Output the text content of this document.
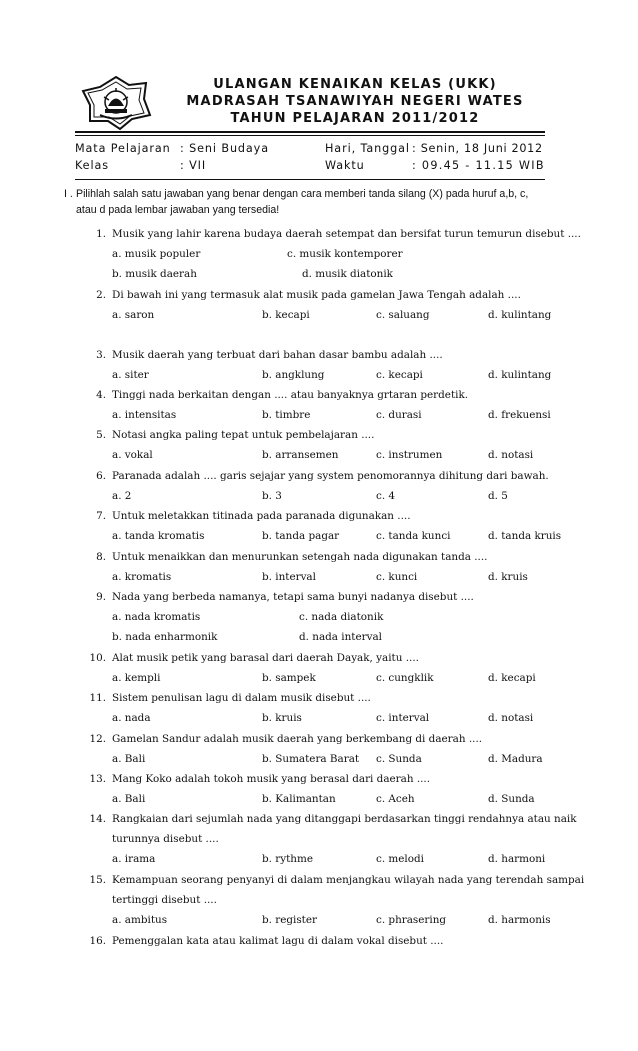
ULANGAN KENAIKAN KELAS (UKK)
MADRASAH TSANAWIYAH NEGERI WATES
TAHUN PELAJARAN 2011/2012
Mata Pelajaran : Seni Budaya
Kelas	: VII
Hari, Tanggal : Senin, 18 Juni 2012
Waktu	: 09.45 - 11.15 WIB
I . Pilihlah salah satu jawaban yang benar dengan cara memberi tanda silang (X) pada huruf a,b, c,
atau d pada lembar jawaban yang tersedia!
1. Musik yang lahir karena budaya daerah setempat dan bersifat turun temurun disebut ....
a. musik populer	c. musik kontemporer
b. musik daerah	d. musik diatonik
2. Di bawah ini yang termasuk alat musik pada gamelan Jawa Tengah adalah ....
a. saron	b. kecapi	c. saluang	d. kulintang
3. Musik daerah yang terbuat dari bahan dasar bambu adalah ....
a. siter	b. angklung	c. kecapi	d. kulintang
4. Tinggi nada berkaitan dengan .... atau banyaknya grtaran perdetik.
a. intensitas	b. timbre	c. durasi	d. frekuensi
5. Notasi angka paling tepat untuk pembelajaran ....
a. vokal	b. arransemen	c. instrumen	d. notasi
6. Paranada adalah .... garis sejajar yang system penomorannya dihitung dari bawah.
a. 2	b. 3	c. 4	d. 5
7. Untuk meletakkan titinada pada paranada digunakan ....
a. tanda kromatis	b. tanda pagar	c. tanda kunci	d. tanda kruis
8. Untuk menaikkan dan menurunkan setengah nada digunakan tanda ....
a. kromatis	b. interval	c. kunci	d. kruis
9. Nada yang berbeda namanya, tetapi sama bunyi nadanya disebut ....
a. nada kromatis	c. nada diatonik
b. nada enharmonik	d. nada interval
10. Alat musik petik yang barasal dari daerah Dayak, yaitu ....
a. kempli	b. sampek	c. cungklik	d. kecapi
11. Sistem penulisan lagu di dalam musik disebut ....
a. nada	b. kruis	c. interval	d. notasi
12. Gamelan Sandur adalah musik daerah yang berkembang di daerah ....
a. Bali	b. Sumatera Barat c. Sunda	d. Madura
13. Mang Koko adalah tokoh musik yang berasal dari daerah ....
a. Bali	b. Kalimantan	c. Aceh	d. Sunda
14. Rangkaian dari sejumlah nada yang ditanggapi berdasarkan tinggi rendahnya atau naik
turunnya disebut ....
a. irama	b. rythme	c. melodi	d. harmoni
15. Kemampuan seorang penyanyi di dalam menjangkau wilayah nada yang terendah sampai
tertinggi disebut ....
a. ambitus	b. register	c. phrasering	d. harmonis
16. Pemenggalan kata atau kalimat lagu di dalam vokal disebut ....
